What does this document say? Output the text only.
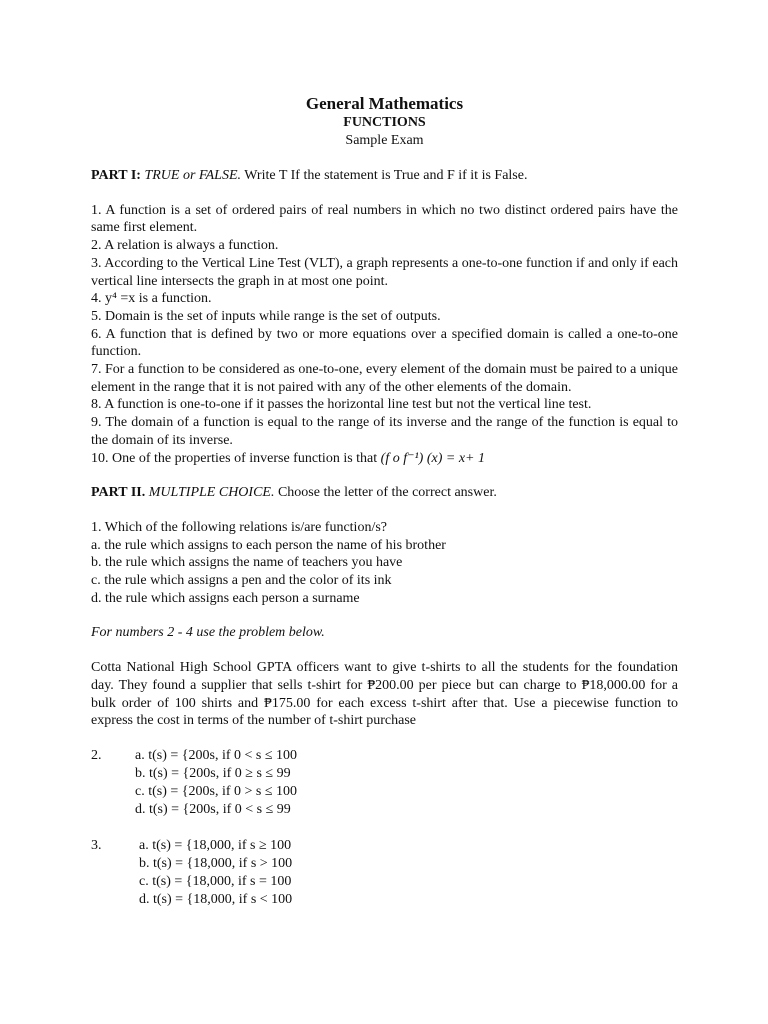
General Mathematics
FUNCTIONS
Sample Exam
PART I: TRUE or FALSE. Write T If the statement is True and F if it is False.
1. A function is a set of ordered pairs of real numbers in which no two distinct ordered pairs have the same first element.
2. A relation is always a function.
3. According to the Vertical Line Test (VLT), a graph represents a one-to-one function if and only if each vertical line intersects the graph in at most one point.
4. y⁴ =x is a function.
5. Domain is the set of inputs while range is the set of outputs.
6. A function that is defined by two or more equations over a specified domain is called a one-to-one function.
7. For a function to be considered as one-to-one, every element of the domain must be paired to a unique element in the range that it is not paired with any of the other elements of the domain.
8. A function is one-to-one if it passes the horizontal line test but not the vertical line test.
9. The domain of a function is equal to the range of its inverse and the range of the function is equal to the domain of its inverse.
10. One of the properties of inverse function is that (f o f⁻¹) (x) = x+ 1
PART II. MULTIPLE CHOICE. Choose the letter of the correct answer.
1. Which of the following relations is/are function/s?
a. the rule which assigns to each person the name of his brother
b. the rule which assigns the name of teachers you have
c. the rule which assigns a pen and the color of its ink
d. the rule which assigns each person a surname
For numbers 2 - 4 use the problem below.
Cotta National High School GPTA officers want to give t-shirts to all the students for the foundation day. They found a supplier that sells t-shirt for ₱200.00 per piece but can charge to ₱18,000.00 for a bulk order of 100 shirts and ₱175.00 for each excess t-shirt after that. Use a piecewise function to express the cost in terms of the number of t-shirt purchase
2. a. t(s) = {200s, if 0 < s ≤ 100
b. t(s) = {200s, if 0 ≥ s ≤ 99
c. t(s) = {200s, if 0 > s ≤ 100
d. t(s) = {200s, if 0 < s ≤ 99
3.	a. t(s) = {18,000, if s ≥ 100
b. t(s) = {18,000, if s > 100
c. t(s) = {18,000, if s = 100
d. t(s) = {18,000, if s < 100
